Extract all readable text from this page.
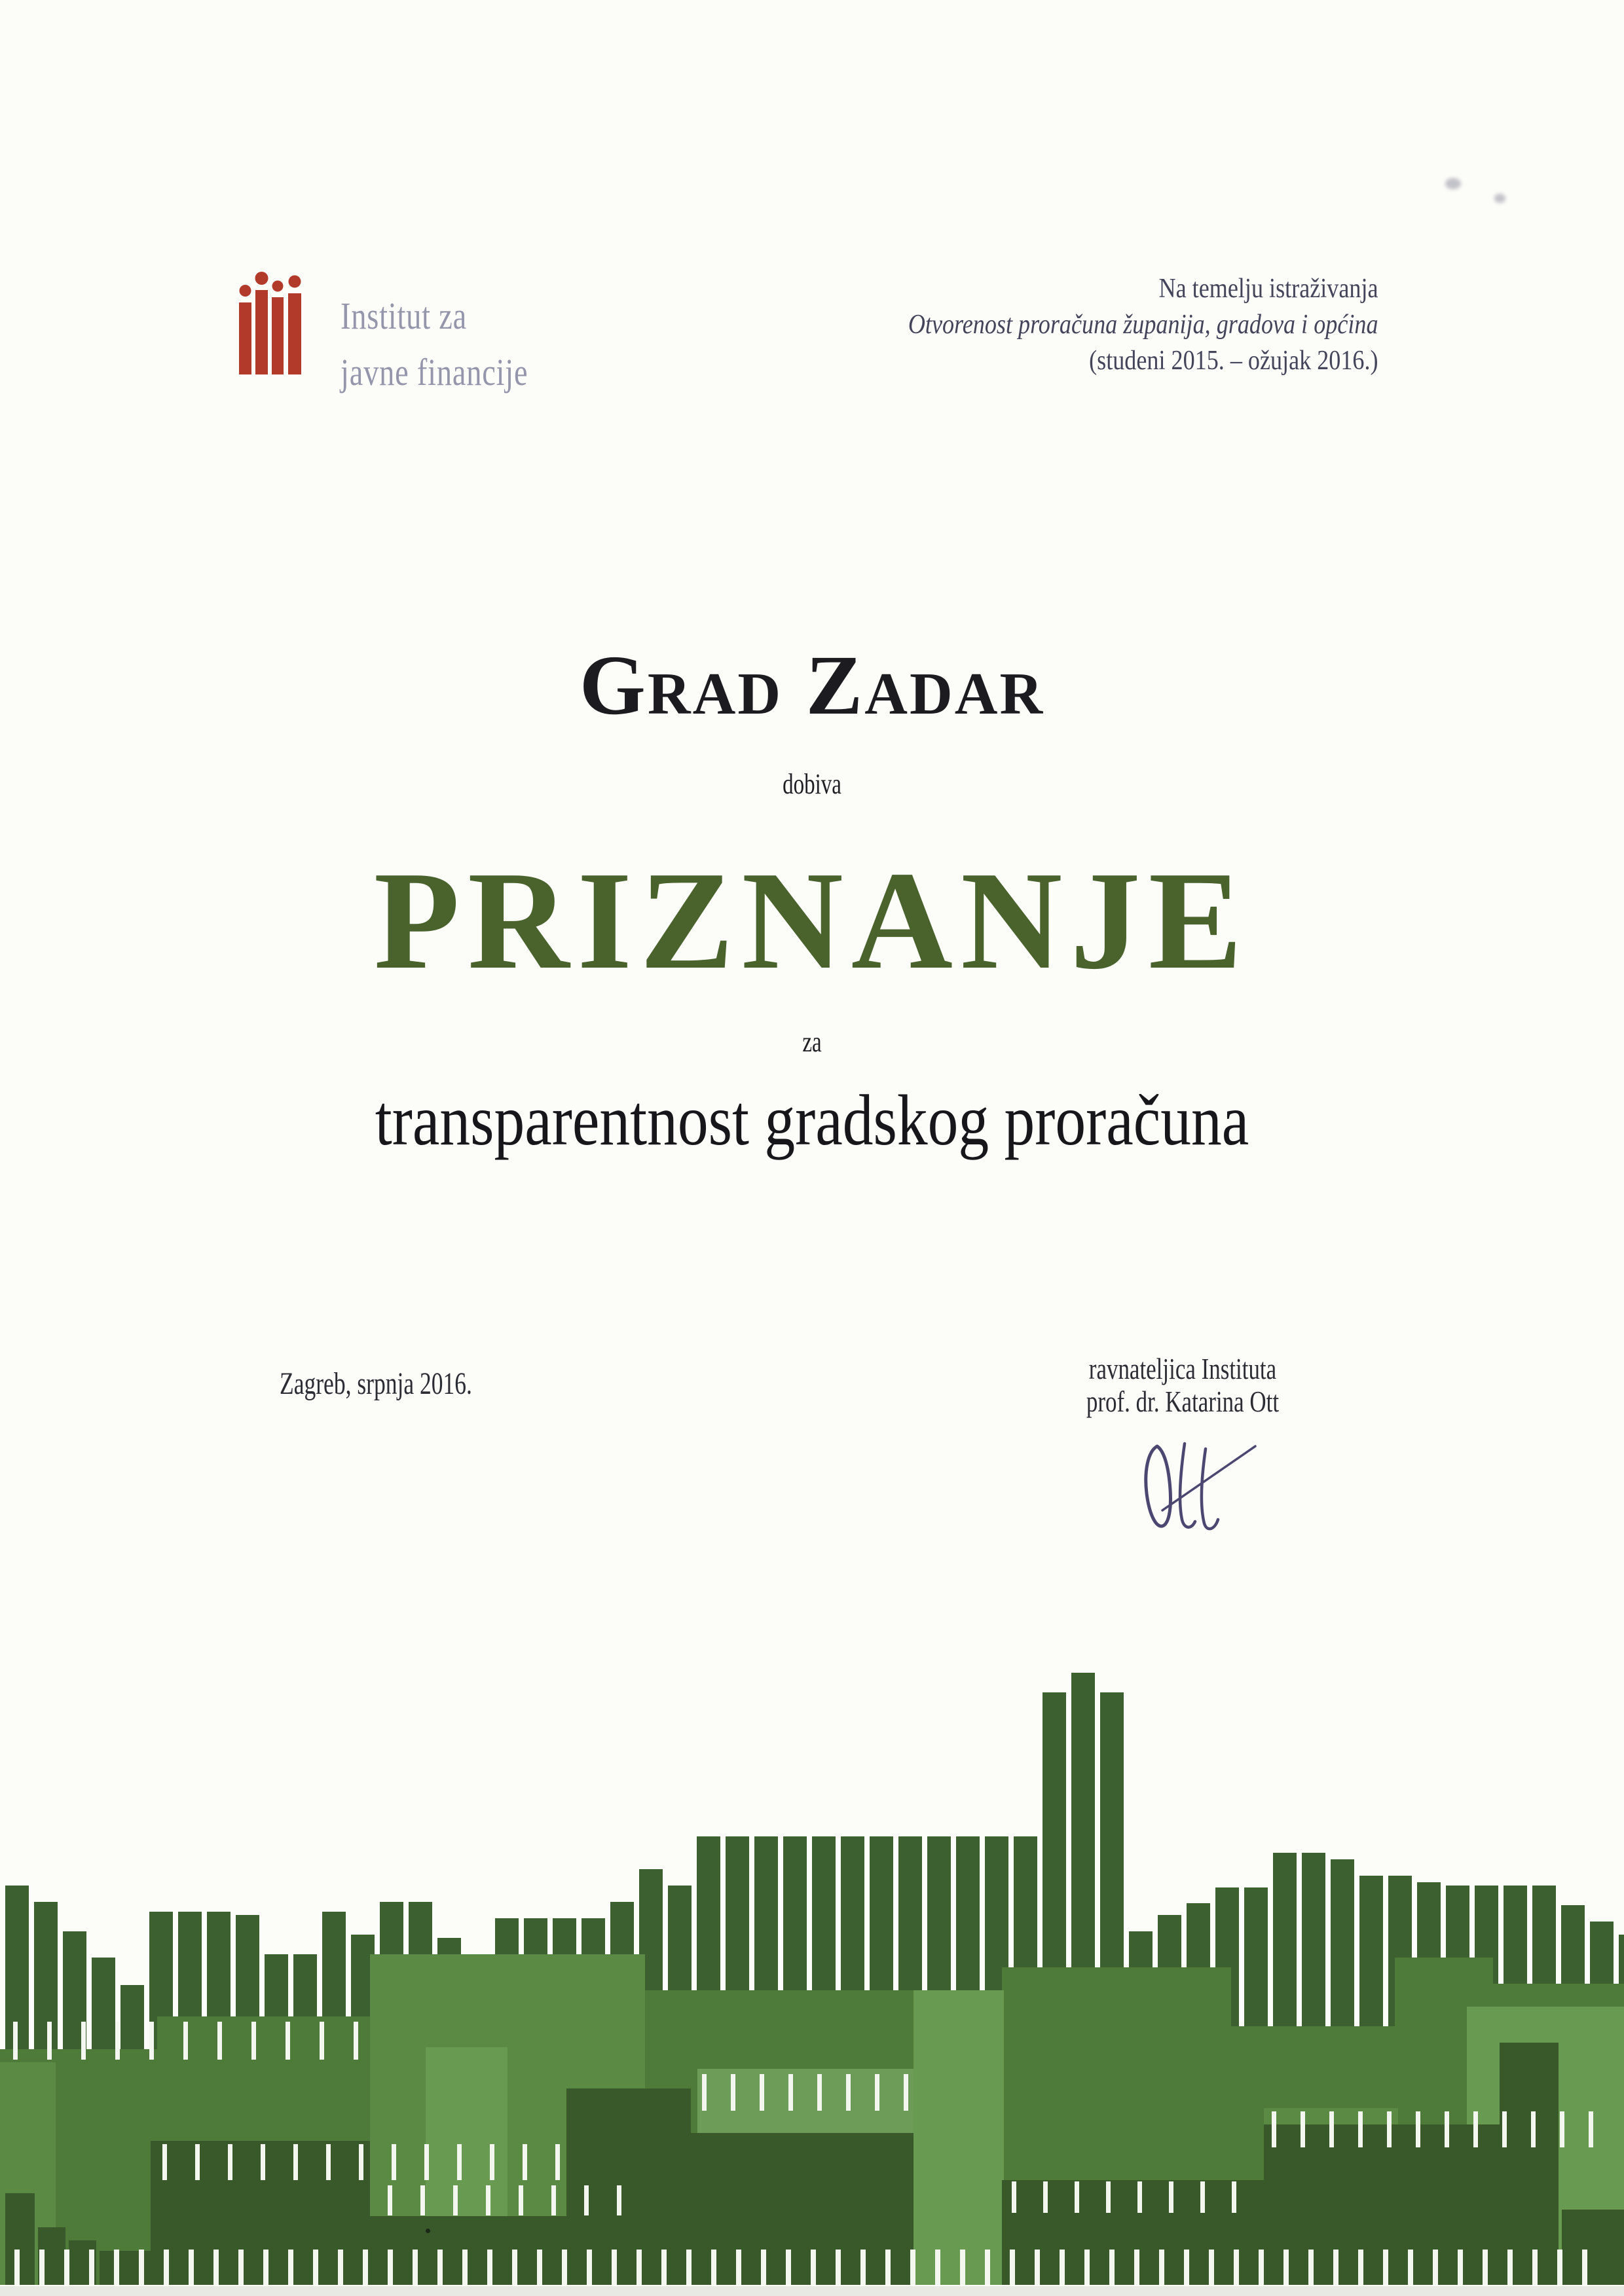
Institut za
javne financije
Na temelju istraživanja
Otvorenost proračuna županija, gradova i općina
(studeni 2015. – ožujak 2016.)
Grad Zadar
dobiva
PRIZNANJE
za
transparentnost gradskog proračuna
Zagreb, srpnja 2016.	ravnateljica Instituta
prof. dr. Katarina Ott
